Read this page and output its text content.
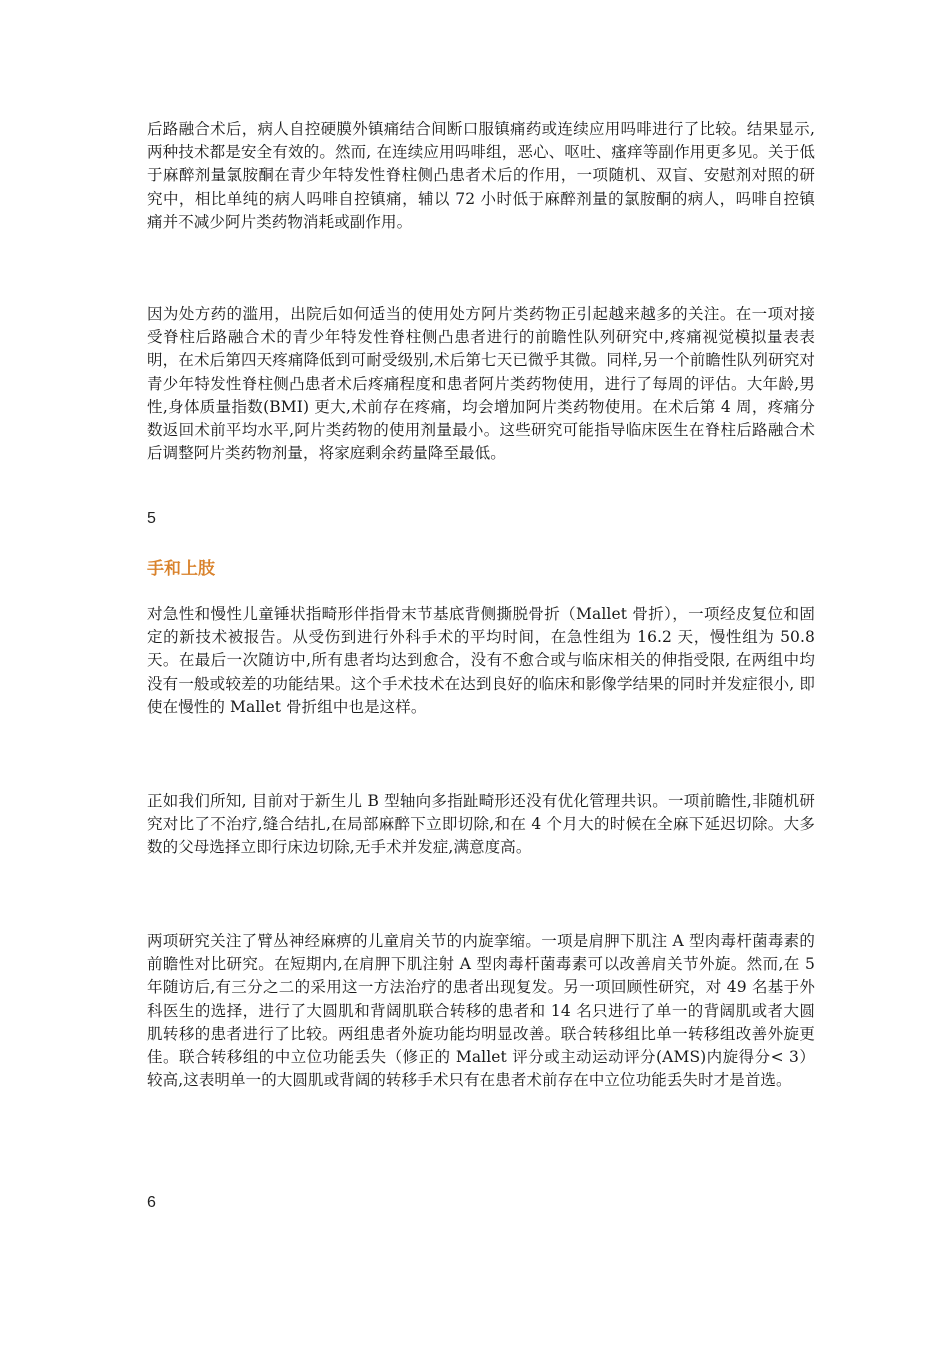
后路融合术后，病人自控硬膜外镇痛结合间断口服镇痛药或连续应用吗啡进行了比较。结果显示,两种技术都是安全有效的。然而, 在连续应用吗啡组，恶心、呕吐、瘙痒等副作用更多见。关于低于麻醉剂量氯胺酮在青少年特发性脊柱侧凸患者术后的作用，一项随机、双盲、安慰剂对照的研究中，相比单纯的病人吗啡自控镇痛，辅以 72 小时低于麻醉剂量的氯胺酮的病人，吗啡自控镇痛并不减少阿片类药物消耗或副作用。

因为处方药的滥用，出院后如何适当的使用处方阿片类药物正引起越来越多的关注。在一项对接受脊柱后路融合术的青少年特发性脊柱侧凸患者进行的前瞻性队列研究中,疼痛视觉模拟量表表明，在术后第四天疼痛降低到可耐受级别,术后第七天已微乎其微。同样,另一个前瞻性队列研究对青少年特发性脊柱侧凸患者术后疼痛程度和患者阿片类药物使用，进行了每周的评估。大年龄,男性,身体质量指数(BMI) 更大,术前存在疼痛，均会增加阿片类药物使用。在术后第 4 周，疼痛分数返回术前平均水平,阿片类药物的使用剂量最小。这些研究可能指导临床医生在脊柱后路融合术后调整阿片类药物剂量，将家庭剩余药量降至最低。

5

手和上肢

对急性和慢性儿童锤状指畸形伴指骨末节基底背侧撕脱骨折（Mallet 骨折），一项经皮复位和固定的新技术被报告。从受伤到进行外科手术的平均时间，在急性组为 16.2 天，慢性组为 50.8 天。在最后一次随访中,所有患者均达到愈合，没有不愈合或与临床相关的伸指受限, 在两组中均没有一般或较差的功能结果。这个手术技术在达到良好的临床和影像学结果的同时并发症很小, 即使在慢性的 Mallet 骨折组中也是这样。

正如我们所知, 目前对于新生儿 B 型轴向多指趾畸形还没有优化管理共识。一项前瞻性,非随机研究对比了不治疗,缝合结扎,在局部麻醉下立即切除,和在 4 个月大的时候在全麻下延迟切除。大多数的父母选择立即行床边切除,无手术并发症,满意度高。

两项研究关注了臂丛神经麻痹的儿童肩关节的内旋挛缩。一项是肩胛下肌注 A 型肉毒杆菌毒素的前瞻性对比研究。在短期内,在肩胛下肌注射 A 型肉毒杆菌毒素可以改善肩关节外旋。然而,在 5 年随访后,有三分之二的采用这一方法治疗的患者出现复发。另一项回顾性研究，对 49 名基于外科医生的选择，进行了大圆肌和背阔肌联合转移的患者和 14 名只进行了单一的背阔肌或者大圆肌转移的患者进行了比较。两组患者外旋功能均明显改善。联合转移组比单一转移组改善外旋更佳。联合转移组的中立位功能丢失（修正的 Mallet 评分或主动运动评分(AMS)内旋得分< 3）较高,这表明单一的大圆肌或背阔的转移手术只有在患者术前存在中立位功能丢失时才是首选。

6
